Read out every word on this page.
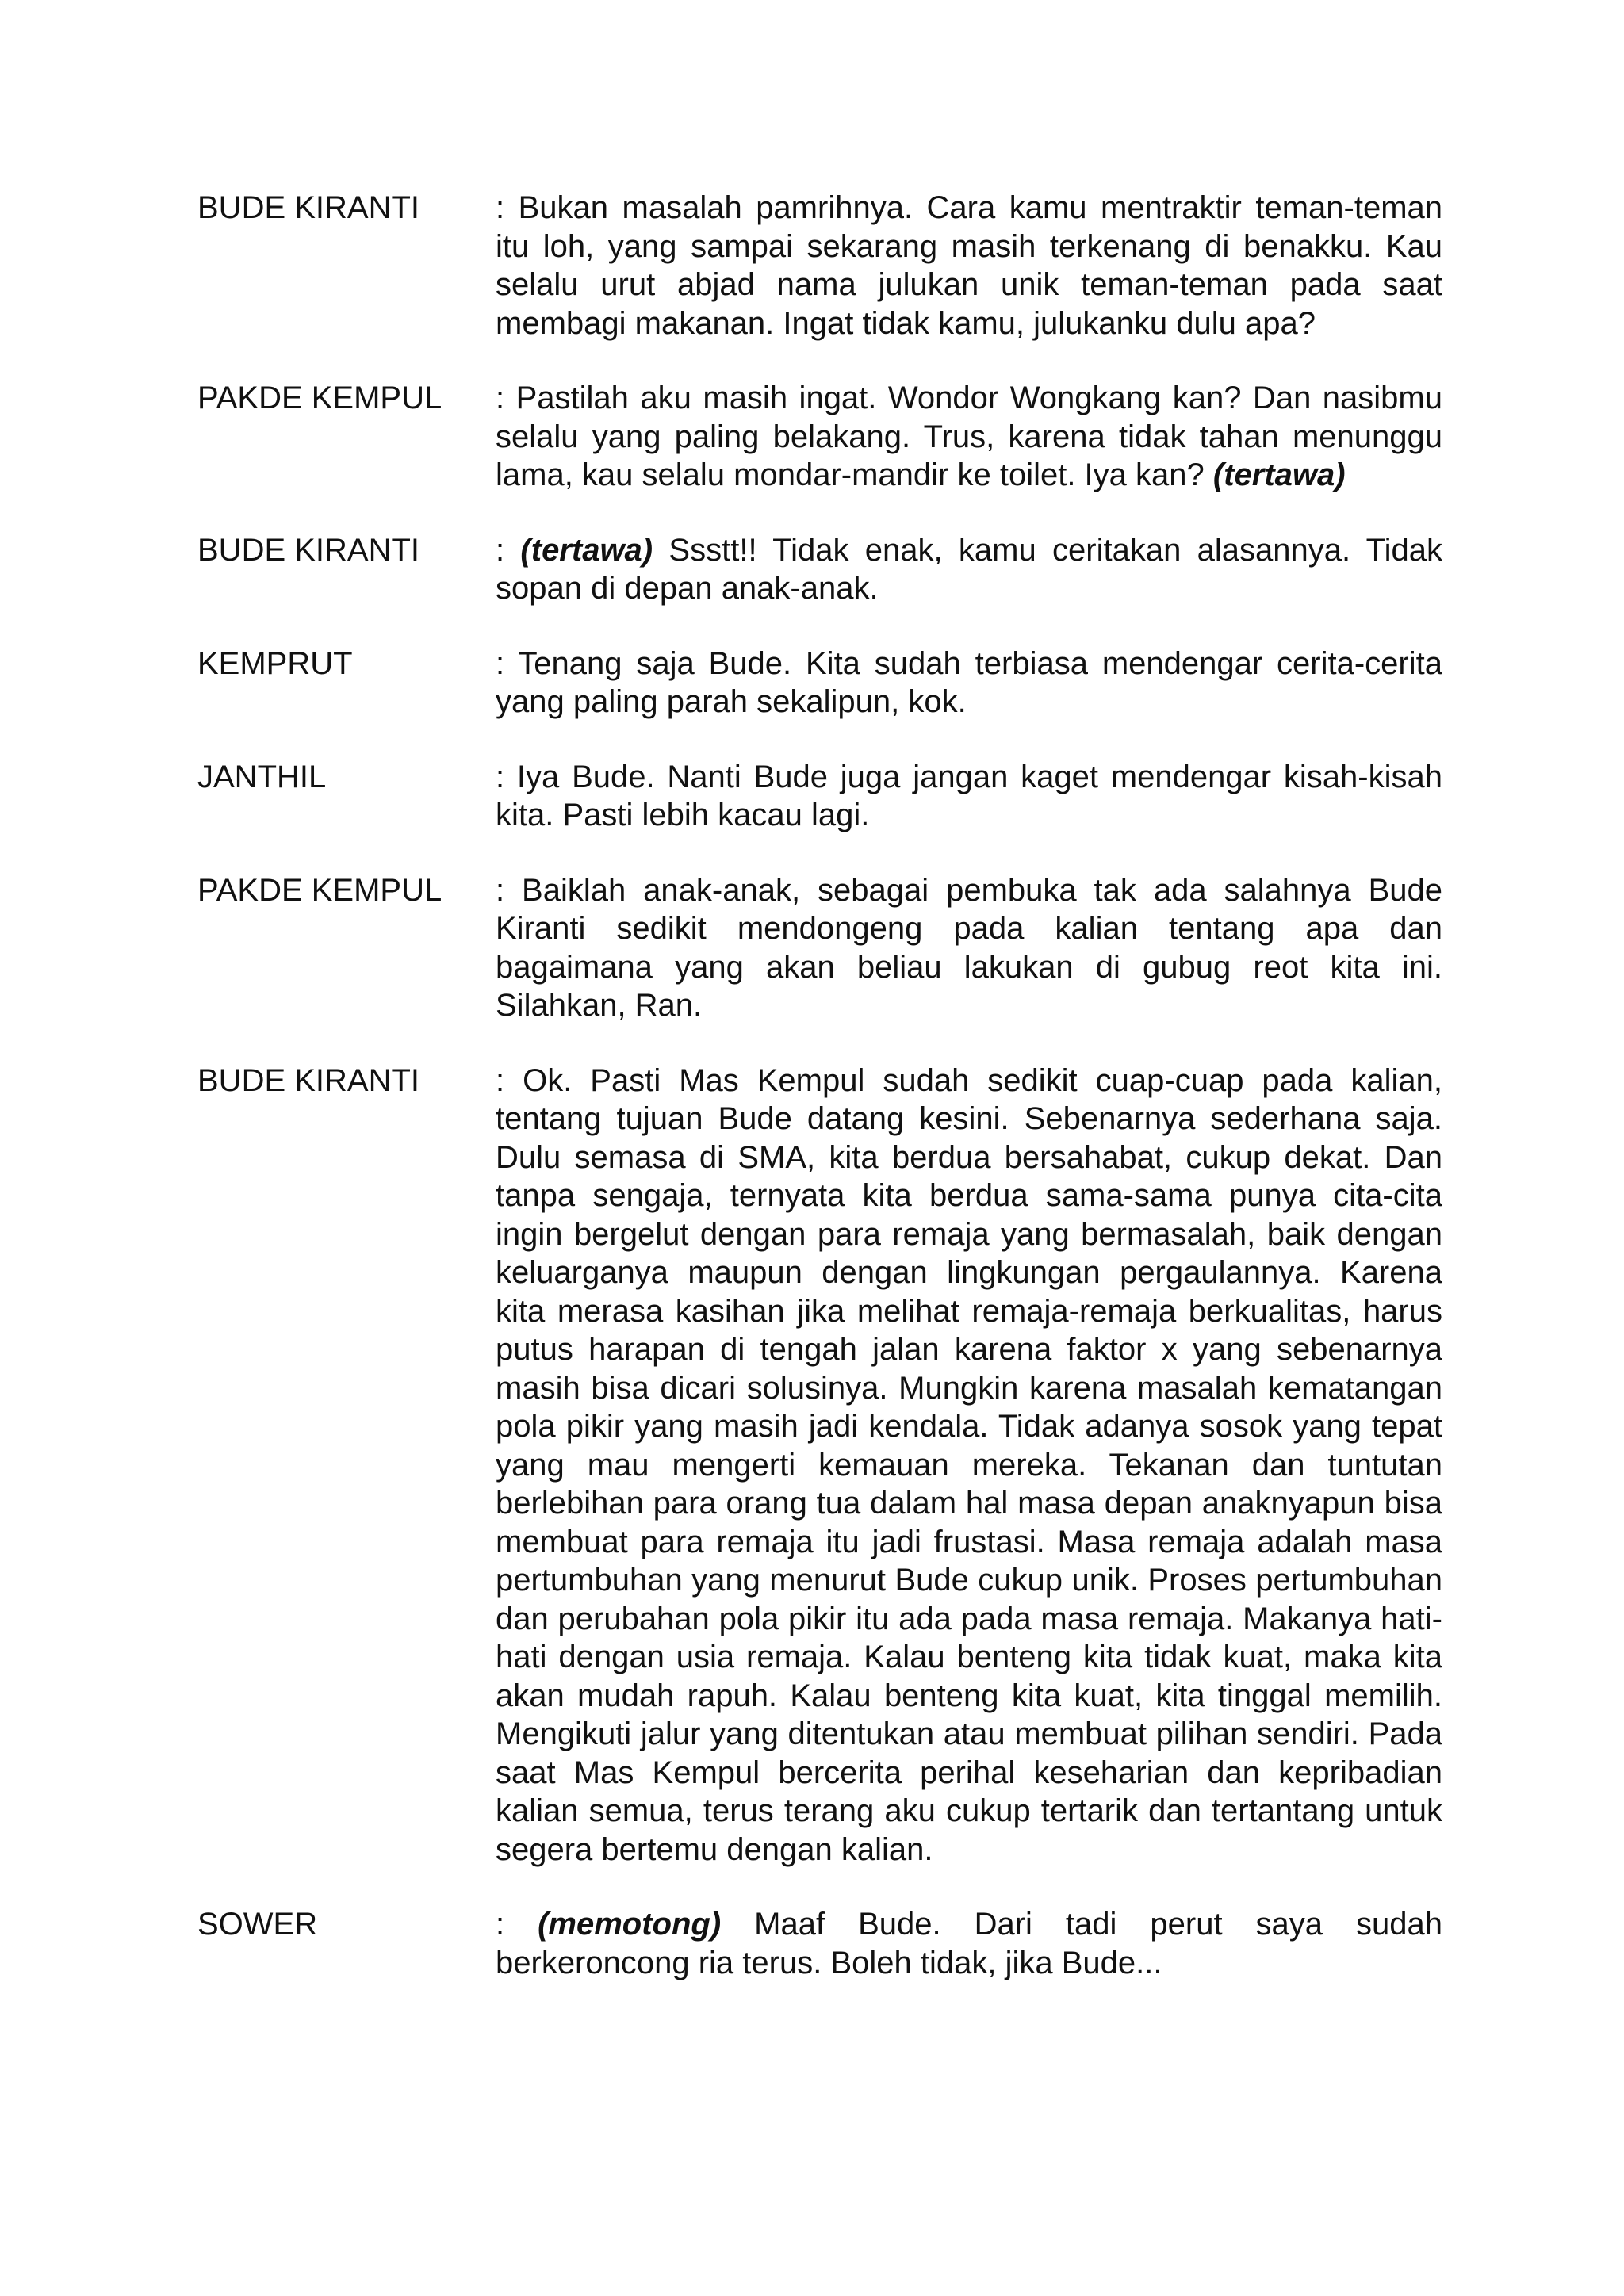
BUDE KIRANTI	: Bukan masalah pamrihnya. Cara kamu mentraktir teman-teman itu loh, yang sampai sekarang masih terkenang di benakku. Kau selalu urut abjad nama julukan unik teman-teman pada saat membagi makanan. Ingat tidak kamu, julukanku dulu apa?
PAKDE KEMPUL	: Pastilah aku masih ingat. Wondor Wongkang kan? Dan nasibmu selalu yang paling belakang. Trus, karena tidak tahan menunggu lama, kau selalu mondar-mandir ke toilet. Iya kan? (tertawa)
BUDE KIRANTI	: (tertawa) Ssstt!! Tidak enak, kamu ceritakan alasannya. Tidak sopan di depan anak-anak.
KEMPRUT	: Tenang saja Bude. Kita sudah terbiasa mendengar cerita-cerita yang paling parah sekalipun, kok.
JANTHIL	: Iya Bude. Nanti Bude juga jangan kaget mendengar kisah-kisah kita. Pasti lebih kacau lagi.
PAKDE KEMPUL	: Baiklah anak-anak, sebagai pembuka tak ada salahnya Bude Kiranti sedikit mendongeng pada kalian tentang apa dan bagaimana yang akan beliau lakukan di gubug reot kita ini. Silahkan, Ran.
BUDE KIRANTI	: Ok. Pasti Mas Kempul sudah sedikit cuap-cuap pada kalian, tentang tujuan Bude datang kesini. Sebenarnya sederhana saja. Dulu semasa di SMA, kita berdua bersahabat, cukup dekat. Dan tanpa sengaja, ternyata kita berdua sama-sama punya cita-cita ingin bergelut dengan para remaja yang bermasalah, baik dengan keluarganya maupun dengan lingkungan pergaulannya. Karena kita merasa kasihan jika melihat remaja-remaja berkualitas, harus putus harapan di tengah jalan karena faktor x yang sebenarnya masih bisa dicari solusinya. Mungkin karena masalah kematangan pola pikir yang masih jadi kendala. Tidak adanya sosok yang tepat yang mau mengerti kemauan mereka. Tekanan dan tuntutan berlebihan para orang tua dalam hal masa depan anaknyapun bisa membuat para remaja itu jadi frustasi. Masa remaja adalah masa pertumbuhan yang menurut Bude cukup unik. Proses pertumbuhan dan perubahan pola pikir itu ada pada masa remaja. Makanya hati-hati dengan usia remaja. Kalau benteng kita tidak kuat, maka kita akan mudah rapuh. Kalau benteng kita kuat, kita tinggal memilih. Mengikuti jalur yang ditentukan atau membuat pilihan sendiri. Pada saat Mas Kempul bercerita perihal keseharian dan kepribadian kalian semua, terus terang aku cukup tertarik dan tertantang untuk segera bertemu dengan kalian.
SOWER	: (memotong) Maaf Bude. Dari tadi perut saya sudah berkeroncong ria terus. Boleh tidak, jika Bude...
